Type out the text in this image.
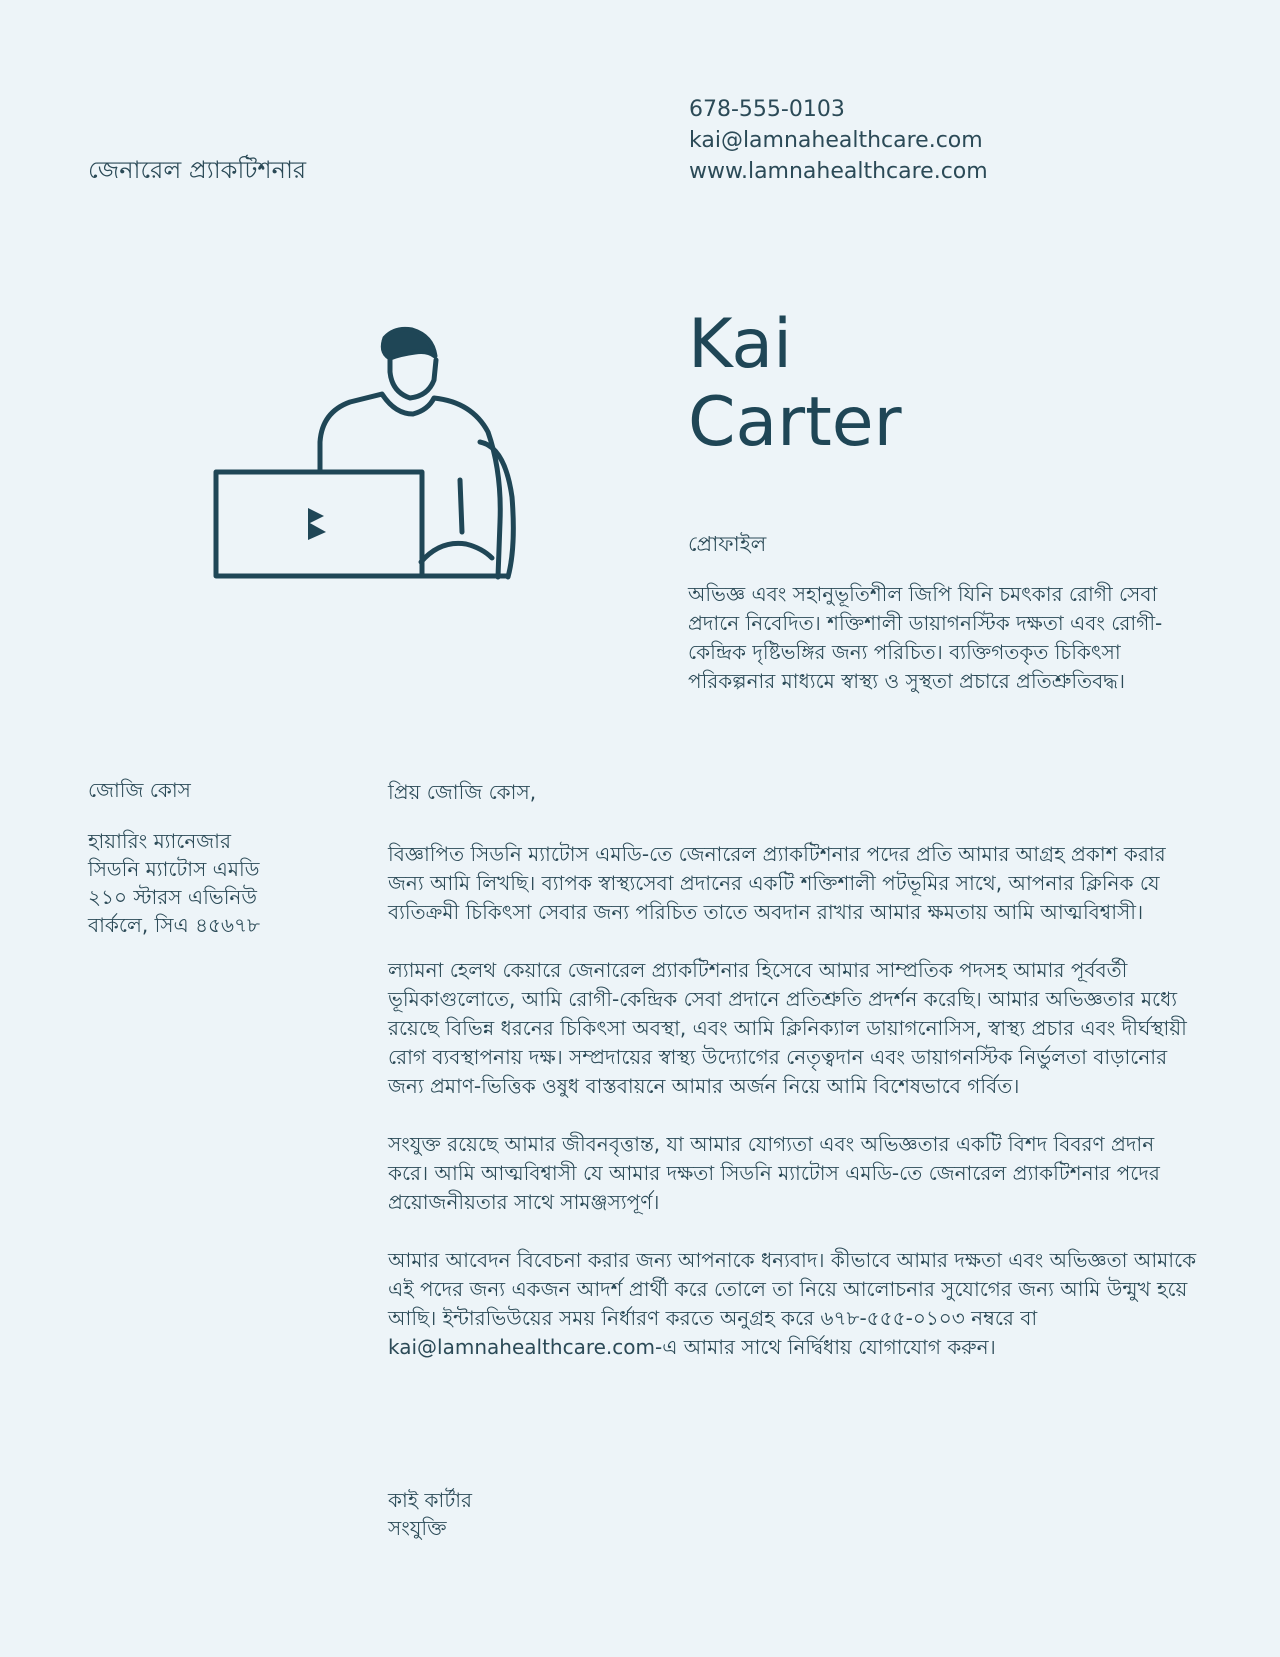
জেনারেল প্র্যাকটিশনার
678-555-0103
kai@lamnahealthcare.com
www.lamnahealthcare.com
Kai
Carter
প্রোফাইল
অভিজ্ঞ এবং সহানুভূতিশীল জিপি যিনি চমৎকার রোগী সেবা প্রদানে নিবেদিত। শক্তিশালী ডায়াগনস্টিক দক্ষতা এবং রোগী-কেন্দ্রিক দৃষ্টিভঙ্গির জন্য পরিচিত। ব্যক্তিগতকৃত চিকিৎসা পরিকল্পনার মাধ্যমে স্বাস্থ্য ও সুস্থতা প্রচারে প্রতিশ্রুতিবদ্ধ।
জোজি কোস
হায়ারিং ম্যানেজার
সিডনি ম্যাটোস এমডি
২১০ স্টারস এভিনিউ
বার্কলে, সিএ ৪৫৬৭৮
প্রিয় জোজি কোস,

বিজ্ঞাপিত সিডনি ম্যাটোস এমডি-তে জেনারেল প্র্যাকটিশনার পদের প্রতি আমার আগ্রহ প্রকাশ করার জন্য আমি লিখছি। ব্যাপক স্বাস্থ্যসেবা প্রদানের একটি শক্তিশালী পটভূমির সাথে, আপনার ক্লিনিক যে ব্যতিক্রমী চিকিৎসা সেবার জন্য পরিচিত তাতে অবদান রাখার আমার ক্ষমতায় আমি আত্মবিশ্বাসী।

ল্যামনা হেলথ কেয়ারে জেনারেল প্র্যাকটিশনার হিসেবে আমার সাম্প্রতিক পদসহ আমার পূর্ববর্তী ভূমিকাগুলোতে, আমি রোগী-কেন্দ্রিক সেবা প্রদানে প্রতিশ্রুতি প্রদর্শন করেছি। আমার অভিজ্ঞতার মধ্যে রয়েছে বিভিন্ন ধরনের চিকিৎসা অবস্থা, এবং আমি ক্লিনিক্যাল ডায়াগনোসিস, স্বাস্থ্য প্রচার এবং দীর্ঘস্থায়ী রোগ ব্যবস্থাপনায় দক্ষ। সম্প্রদায়ের স্বাস্থ্য উদ্যোগের নেতৃত্বদান এবং ডায়াগনস্টিক নির্ভুলতা বাড়ানোর জন্য প্রমাণ-ভিত্তিক ওষুধ বাস্তবায়নে আমার অর্জন নিয়ে আমি বিশেষভাবে গর্বিত।

সংযুক্ত রয়েছে আমার জীবনবৃত্তান্ত, যা আমার যোগ্যতা এবং অভিজ্ঞতার একটি বিশদ বিবরণ প্রদান করে। আমি আত্মবিশ্বাসী যে আমার দক্ষতা সিডনি ম্যাটোস এমডি-তে জেনারেল প্র্যাকটিশনার পদের প্রয়োজনীয়তার সাথে সামঞ্জস্যপূর্ণ।

আমার আবেদন বিবেচনা করার জন্য আপনাকে ধন্যবাদ। কীভাবে আমার দক্ষতা এবং অভিজ্ঞতা আমাকে এই পদের জন্য একজন আদর্শ প্রার্থী করে তোলে তা নিয়ে আলোচনার সুযোগের জন্য আমি উন্মুখ হয়ে আছি। ইন্টারভিউয়ের সময় নির্ধারণ করতে অনুগ্রহ করে ৬৭৮-৫৫৫-০১০৩ নম্বরে বা kai@lamnahealthcare.com-এ আমার সাথে নির্দ্বিধায় যোগাযোগ করুন।

কাই কার্টার
সংযুক্তি
